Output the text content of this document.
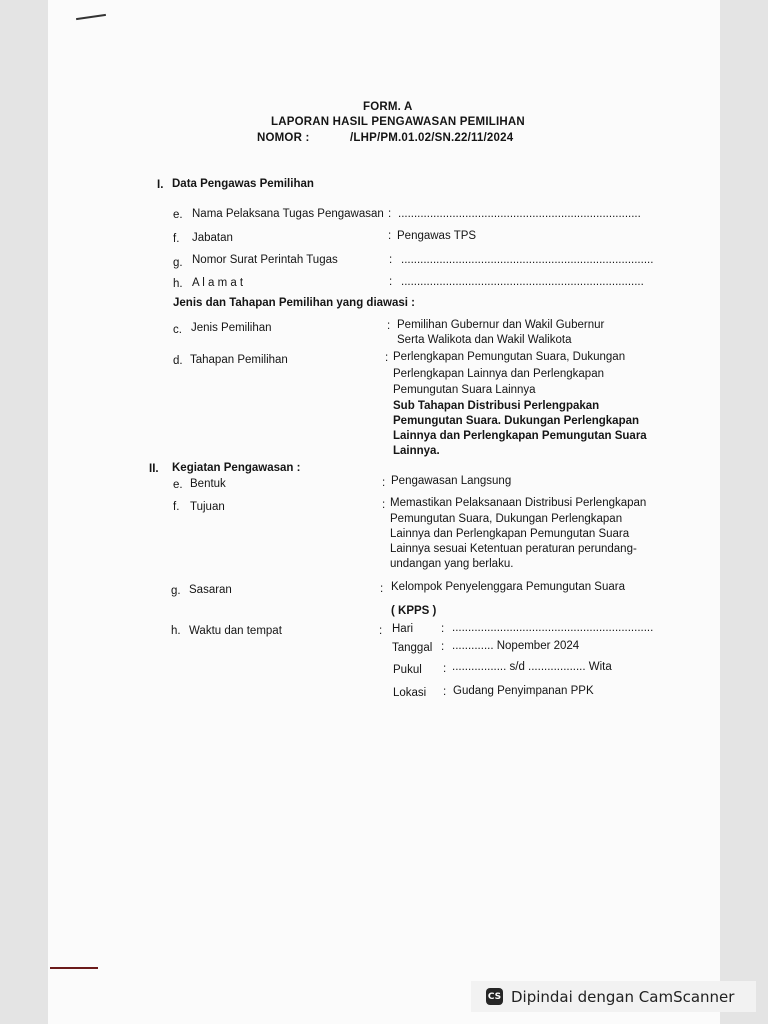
FORM. A
LAPORAN HASIL PENGAWASAN PEMILIHAN
NOMOR :	/LHP/PM.01.02/SN.22/11/2024
I. Data Pengawas Pemilihan
e. Nama Pelaksana Tugas Pengawasan : ............................................................................
f. Jabatan	: Pengawas TPS
g. Nomor Surat Perintah Tugas	: ...............................................................................
h. A l a m a t	: ............................................................................
Jenis dan Tahapan Pemilihan yang diawasi :
c. Jenis Pemilihan	: Pemilihan Gubernur dan Wakil Gubernur
Serta Walikota dan Wakil Walikota
d. Tahapan Pemilihan	: Perlengkapan Pemungutan Suara, Dukungan
Perlengkapan Lainnya dan Perlengkapan
Pemungutan Suara Lainnya
Sub Tahapan Distribusi Perlengpakan
Pemungutan Suara. Dukungan Perlengkapan
Lainnya dan Perlengkapan Pemungutan Suara
Lainnya.
II. Kegiatan Pengawasan :
e. Bentuk	: Pengawasan Langsung
f. Tujuan	: Memastikan Pelaksanaan Distribusi Perlengkapan
Pemungutan Suara, Dukungan Perlengkapan
Lainnya dan Perlengkapan Pemungutan Suara
Lainnya sesuai Ketentuan peraturan perundang-
undangan yang berlaku.
g. Sasaran	: Kelompok Penyelenggara Pemungutan Suara
( KPPS )
h. Waktu dan tempat	: Hari : ...............................................................
Tanggal : ............. Nopember 2024
Pukul : ................. s/d .................. Wita
Lokasi : Gudang Penyimpanan PPK
CS Dipindai dengan CamScanner
